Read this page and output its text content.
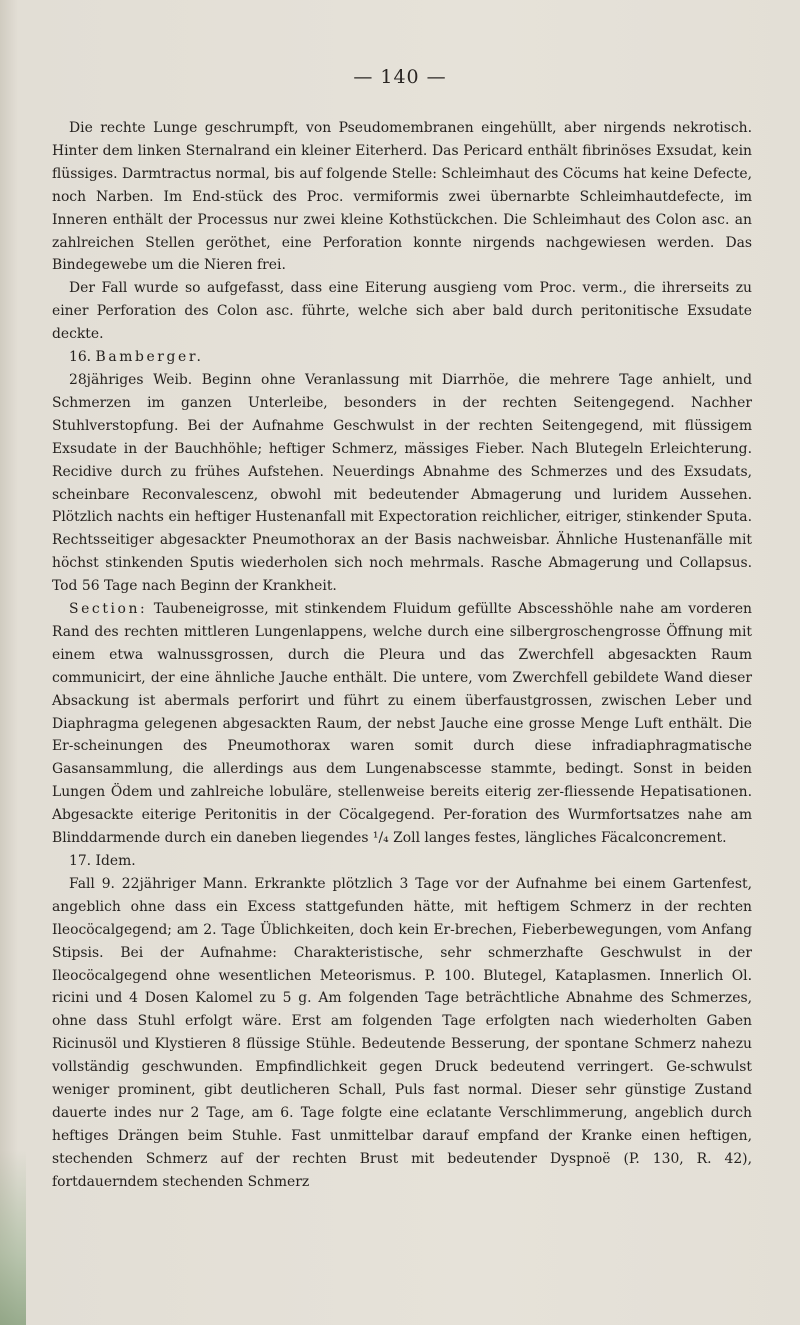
— 140 —

Die rechte Lunge geschrumpft, von Pseudomembranen eingehüllt, aber nirgends nekrotisch. Hinter dem linken Sternalrand ein kleiner Eiterherd. Das Pericard enthält fibrinöses Exsudat, kein flüssiges. Darmtractus normal, bis auf folgende Stelle: Schleimhaut des Cöcums hat keine Defecte, noch Narben. Im End-stück des Proc. vermiformis zwei übernarbte Schleimhautdefecte, im Inneren enthält der Processus nur zwei kleine Kothstückchen. Die Schleimhaut des Colon asc. an zahlreichen Stellen geröthet, eine Perforation konnte nirgends nachgewiesen werden. Das Bindegewebe um die Nieren frei.

Der Fall wurde so aufgefasst, dass eine Eiterung ausgieng vom Proc. verm., die ihrerseits zu einer Perforation des Colon asc. führte, welche sich aber bald durch peritonitische Exsudate deckte.

16. Bamberger.

28jähriges Weib. Beginn ohne Veranlassung mit Diarrhöe, die mehrere Tage anhielt, und Schmerzen im ganzen Unterleibe, besonders in der rechten Seitengegend. Nachher Stuhlverstopfung. Bei der Aufnahme Geschwulst in der rechten Seitengegend, mit flüssigem Exsudate in der Bauchhöhle; heftiger Schmerz, mässiges Fieber. Nach Blutegeln Erleichterung. Recidive durch zu frühes Aufstehen. Neuerdings Abnahme des Schmerzes und des Exsudats, scheinbare Reconvalescenz, obwohl mit bedeutender Abmagerung und luridem Aussehen. Plötzlich nachts ein heftiger Hustenanfall mit Expectoration reichlicher, eitriger, stinkender Sputa. Rechtsseitiger abgesackter Pneumothorax an der Basis nachweisbar. Ähnliche Hustenanfälle mit höchst stinkenden Sputis wiederholen sich noch mehrmals. Rasche Abmagerung und Collapsus. Tod 56 Tage nach Beginn der Krankheit.

Section: Taubeneigrosse, mit stinkendem Fluidum gefüllte Abscesshöhle nahe am vorderen Rand des rechten mittleren Lungenlappens, welche durch eine silbergroschengrosse Öffnung mit einem etwa walnussgrossen, durch die Pleura und das Zwerchfell abgesackten Raum communicirt, der eine ähnliche Jauche enthält. Die untere, vom Zwerchfell gebildete Wand dieser Absackung ist abermals perforirt und führt zu einem überfaustgrossen, zwischen Leber und Diaphragma gelegenen abgesackten Raum, der nebst Jauche eine grosse Menge Luft enthält. Die Er-scheinungen des Pneumothorax waren somit durch diese infradiaphragmatische Gasansammlung, die allerdings aus dem Lungenabscesse stammte, bedingt. Sonst in beiden Lungen Ödem und zahlreiche lobuläre, stellenweise bereits eiterig zer-fliessende Hepatisationen. Abgesackte eiterige Peritonitis in der Cöcalgegend. Per-foration des Wurmfortsatzes nahe am Blinddarmende durch ein daneben liegendes ¹/₄ Zoll langes festes, längliches Fäcalconcrement.

17. Idem.

Fall 9. 22jähriger Mann. Erkrankte plötzlich 3 Tage vor der Aufnahme bei einem Gartenfest, angeblich ohne dass ein Excess stattgefunden hätte, mit heftigem Schmerz in der rechten Ileocöcalgegend; am 2. Tage Üblichkeiten, doch kein Er-brechen, Fieberbewegungen, vom Anfang Stipsis. Bei der Aufnahme: Charakteristische, sehr schmerzhafte Geschwulst in der Ileocöcalgegend ohne wesentlichen Meteorismus. P. 100. Blutegel, Kataplasmen. Innerlich Ol. ricini und 4 Dosen Kalomel zu 5 g. Am folgenden Tage beträchtliche Abnahme des Schmerzes, ohne dass Stuhl erfolgt wäre. Erst am folgenden Tage erfolgten nach wiederholten Gaben Ricinusöl und Klystieren 8 flüssige Stühle. Bedeutende Besserung, der spontane Schmerz nahezu vollständig geschwunden. Empfindlichkeit gegen Druck bedeutend verringert. Ge-schwulst weniger prominent, gibt deutlicheren Schall, Puls fast normal. Dieser sehr günstige Zustand dauerte indes nur 2 Tage, am 6. Tage folgte eine eclatante Verschlimmerung, angeblich durch heftiges Drängen beim Stuhle. Fast unmittelbar darauf empfand der Kranke einen heftigen, stechenden Schmerz auf der rechten Brust mit bedeutender Dyspnoë (P. 130, R. 42), fortdauerndem stechenden Schmerz
